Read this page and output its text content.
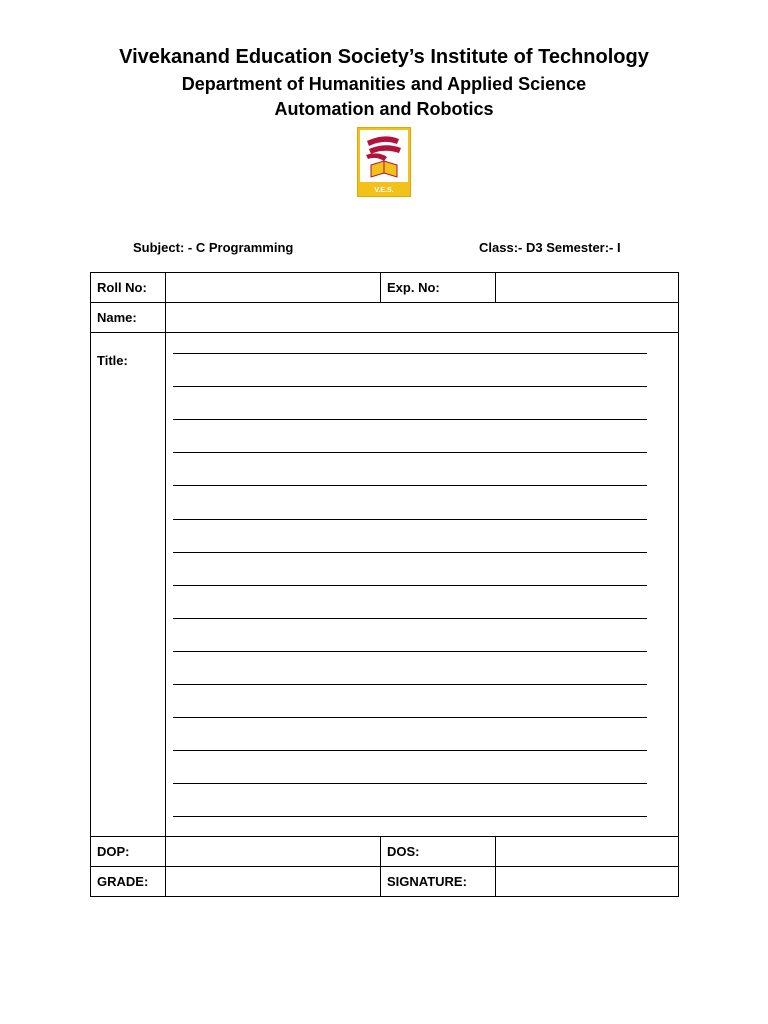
Vivekanand Education Society’s Institute of Technology
Department of Humanities and Applied Science
Automation and Robotics
V.E.S.
Subject: - C Programming	Class:- D3 Semester:- I
Roll No:		Exp. No:	
Name:			
Title:			

DOP:		DOS:	
GRADE:		SIGNATURE:	
